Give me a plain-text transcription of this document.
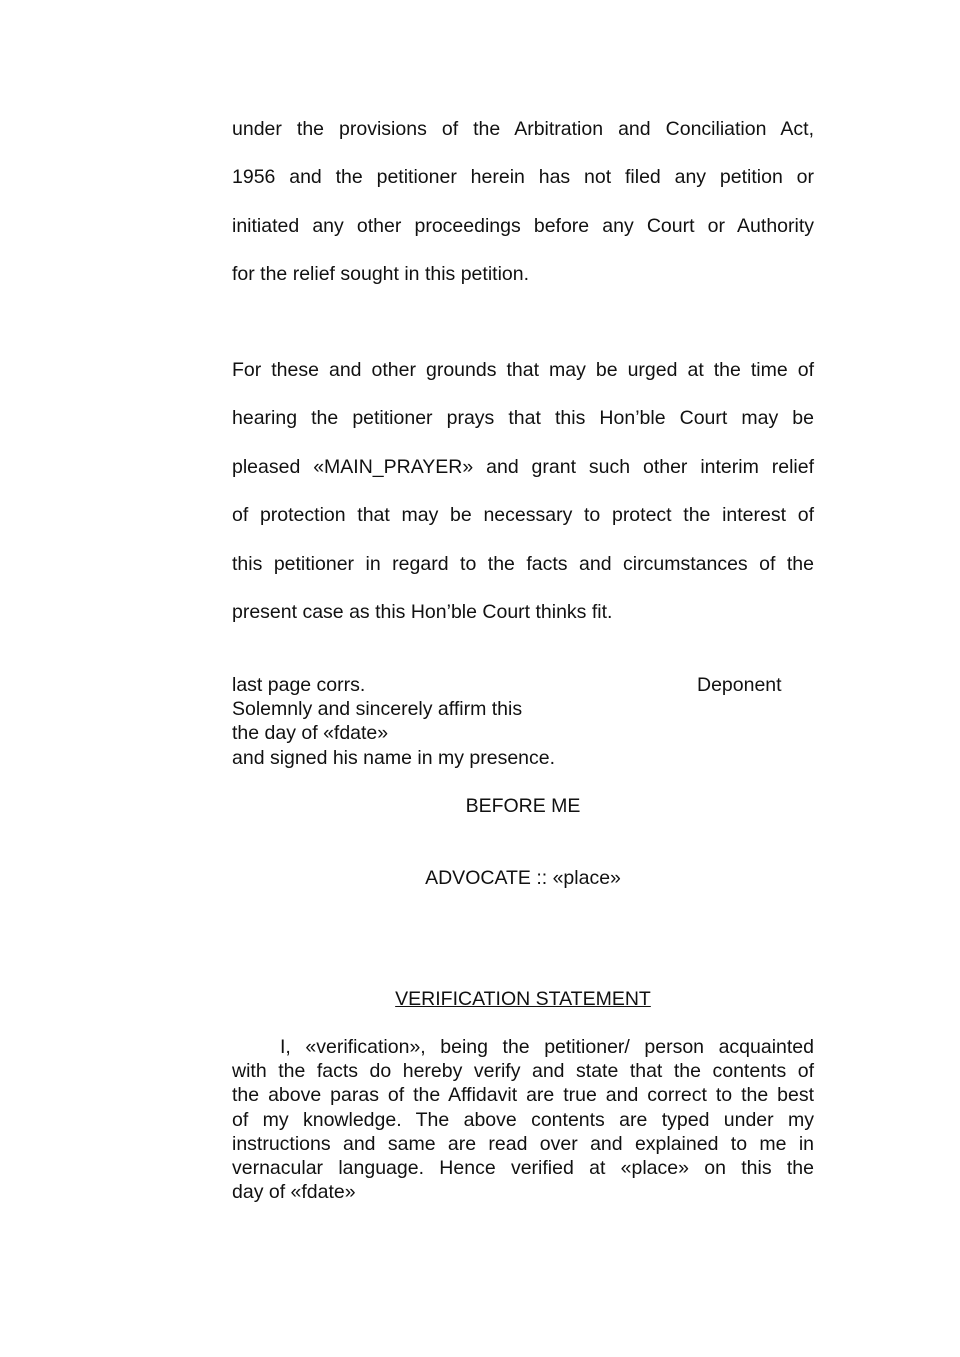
under the provisions of the Arbitration and Conciliation Act,
1956 and the petitioner herein has not filed any petition or
initiated any other proceedings before any Court or Authority
for the relief sought in this petition.
For these and other grounds that may be urged at the time of
hearing the petitioner prays that this Hon’ble Court may be
pleased «MAIN_PRAYER» and grant such other interim relief
of protection that may be necessary to protect the interest of
this petitioner in regard to the facts and circumstances of the
present case as this Hon’ble Court thinks fit.
last page corrs.
Solemnly and sincerely affirm this
the day of «fdate»
and signed his name in my presence.
Deponent
BEFORE ME
ADVOCATE :: «place»
VERIFICATION STATEMENT
I, «verification», being the petitioner/ person acquainted
with the facts do hereby verify and state that the contents of
the above paras of the Affidavit are true and correct to the best
of my knowledge. The above contents are typed under my
instructions and same are read over and explained to me in
vernacular language. Hence verified at «place» on this the
day of «fdate»
